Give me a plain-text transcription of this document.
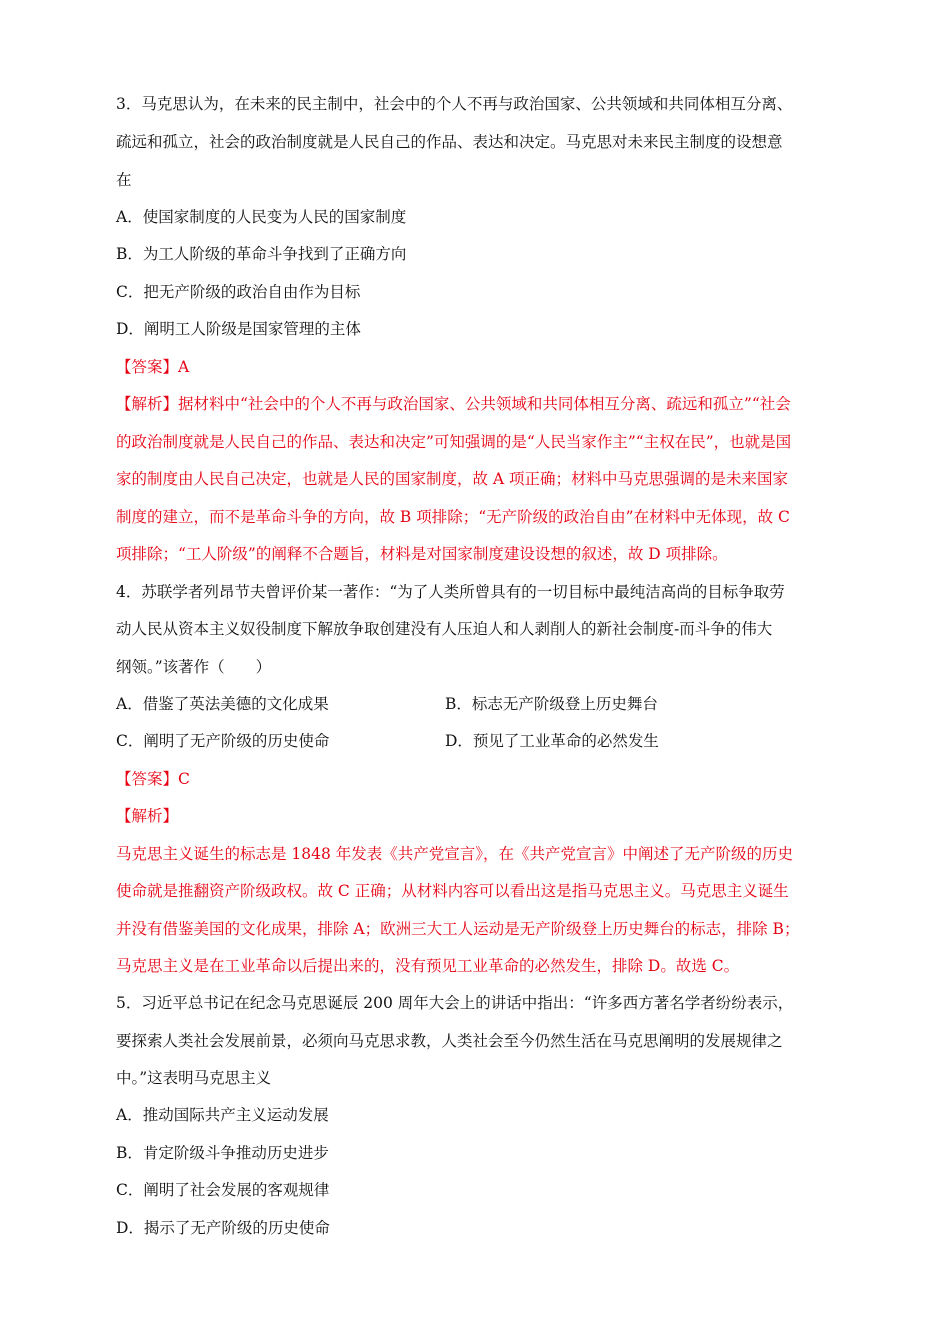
3．马克思认为，在未来的民主制中，社会中的个人不再与政治国家、公共领域和共同体相互分离、
疏远和孤立，社会的政治制度就是人民自己的作品、表达和决定。马克思对未来民主制度的设想意
在
A．使国家制度的人民变为人民的国家制度
B．为工人阶级的革命斗争找到了正确方向
C．把无产阶级的政治自由作为目标
D．阐明工人阶级是国家管理的主体
【答案】A
【解析】据材料中“社会中的个人不再与政治国家、公共领域和共同体相互分离、疏远和孤立”“社会
的政治制度就是人民自己的作品、表达和决定”可知强调的是“人民当家作主”“主权在民”，也就是国
家的制度由人民自己决定，也就是人民的国家制度，故 A 项正确；材料中马克思强调的是未来国家
制度的建立，而不是革命斗争的方向，故 B 项排除；“无产阶级的政治自由”在材料中无体现，故 C
项排除；“工人阶级”的阐释不合题旨，材料是对国家制度建设设想的叙述，故 D 项排除。
4．苏联学者列昂节夫曾评价某一著作：“为了人类所曾具有的一切目标中最纯洁高尚的目标争取劳
动人民从资本主义奴役制度下解放争取创建没有人压迫人和人剥削人的新社会制度-而斗争的伟大
纲领。”该著作（　　）
A．借鉴了英法美德的文化成果	B．标志无产阶级登上历史舞台
C．阐明了无产阶级的历史使命	D．预见了工业革命的必然发生
【答案】C
【解析】
马克思主义诞生的标志是 1848 年发表《共产党宣言》，在《共产党宣言》中阐述了无产阶级的历史
使命就是推翻资产阶级政权。故 C 正确；从材料内容可以看出这是指马克思主义。马克思主义诞生
并没有借鉴美国的文化成果，排除 A；欧洲三大工人运动是无产阶级登上历史舞台的标志，排除 B；
马克思主义是在工业革命以后提出来的，没有预见工业革命的必然发生，排除 D。故选 C。
5．习近平总书记在纪念马克思诞辰 200 周年大会上的讲话中指出：“许多西方著名学者纷纷表示，
要探索人类社会发展前景，必须向马克思求教，人类社会至今仍然生活在马克思阐明的发展规律之
中。”这表明马克思主义
A．推动国际共产主义运动发展
B．肯定阶级斗争推动历史进步
C．阐明了社会发展的客观规律
D．揭示了无产阶级的历史使命
